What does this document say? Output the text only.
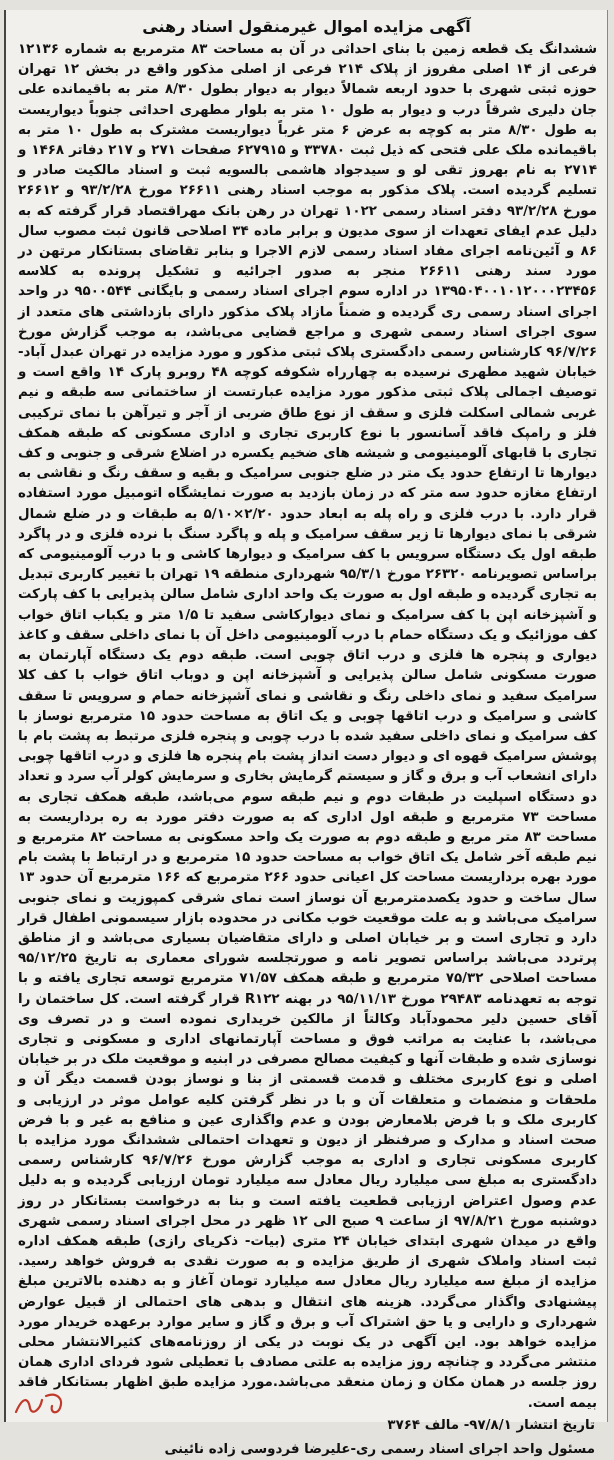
آگهی مزایده اموال غیرمنقول اسناد رهنی

ششدانگ یک قطعه زمین با بنای احداثی در آن به مساحت ۸۳ مترمربع به شماره ۱۲۱۳۶ فرعی از ۱۴ اصلی مفروز از پلاک ۲۱۴ فرعی از اصلی مذکور واقع در بخش ۱۲ تهران حوزه ثبتی شهری با حدود اربعه شمالاً دیوار به دیوار بطول ۸/۳۰ متر به باقیمانده علی جان دلیری شرقاً درب و دیوار به طول ۱۰ متر به بلوار مطهری احداثی جنوباً دیواریست به طول ۸/۳۰ متر به کوچه به عرض ۶ متر غرباً دیواریست مشترک به طول ۱۰ متر به باقیمانده ملک علی فتحی که ذیل ثبت ۳۳۷۸۰ و ۶۲۷۹۱۵ صفحات ۲۷۱ و ۲۱۷ دفاتر ۱۴۶۸ و ۲۷۱۴ به نام بهروز تقی لو و سیدجواد هاشمی بالسویه ثبت و اسناد مالکیت صادر و تسلیم گردیده است. پلاک مذکور به موجب اسناد رهنی ۲۶۶۱۱ مورخ ۹۳/۲/۲۸ و ۲۶۶۱۲ مورخ ۹۳/۲/۲۸ دفتر اسناد رسمی ۱۰۲۲ تهران در رهن بانک مهراقتصاد قرار گرفته که به دلیل عدم ایفای تعهدات از سوی مدیون و برابر ماده ۳۴ اصلاحی قانون ثبت مصوب سال ۸۶ و آئین‌نامه اجرای مفاد اسناد رسمی لازم الاجرا و بنابر تقاضای بستانکار مرتهن در مورد سند رهنی ۲۶۶۱۱ منجر به صدور اجرائیه و تشکیل پرونده به کلاسه ۱۳۹۵۰۴۰۰۱۰۱۲۰۰۰۲۳۴۵۶ در اداره سوم اجرای اسناد رسمی و بایگانی ۹۵۰۰۵۴۴ در واحد اجرای اسناد رسمی ری گردیده و ضمناً مازاد پلاک مذکور دارای بازداشتی های متعدد از سوی اجرای اسناد رسمی شهری و مراجع قضایی می‌باشد، به موجب گزارش مورخ ۹۶/۷/۲۶ کارشناس رسمی دادگستری پلاک ثبتی مذکور و مورد مزایده در تهران عبدل آباد-خیابان شهید مطهری نرسیده به چهارراه شکوفه کوچه ۴۸ روبرو پارک ۱۴ واقع است و توصیف اجمالی پلاک ثبتی مذکور مورد مزایده عبارتست از ساختمانی سه طبقه و نیم غربی شمالی اسکلت فلزی و سقف از نوع طاق ضربی از آجر و تیرآهن با نمای ترکیبی فلز و رامپک فاقد آسانسور با نوع کاربری تجاری و اداری مسکونی که طبقه همکف تجاری با قابهای آلومینیومی و شیشه های ضخیم یکسره در اضلاع شرقی و جنوبی و کف دیوارها تا ارتفاع حدود یک متر در ضلع جنوبی سرامیک و بقیه و سقف رنگ و نقاشی به ارتفاع مغازه حدود سه متر که در زمان بازدید به صورت نمایشگاه اتومبیل مورد استفاده قرار دارد. با درب فلزی و راه پله به ابعاد حدود ۲/۲۰×۵/۱۰ به طبقات و در ضلع شمال شرقی با نمای دیوارها تا زیر سقف سرامیک و پله و پاگرد سنگ با نرده فلزی و در پاگرد طبقه اول یک دستگاه سرویس با کف سرامیک و دیوارها کاشی و با درب آلومینیومی که براساس تصویرنامه ۲۶۳۲۰ مورخ ۹۵/۳/۱ شهرداری منطقه ۱۹ تهران با تغییر کاربری تبدیل به تجاری گردیده و طبقه اول به صورت یک واحد اداری شامل سالن پذیرایی با کف پارکت و آشپزخانه اپن با کف سرامیک و نمای دیوارکاشی سفید تا ۱/۵ متر و یکباب اتاق خواب کف موزائیک و یک دستگاه حمام با درب آلومینیومی داخل آن با نمای داخلی سقف و کاغذ دیواری و پنجره ها فلزی و درب اتاق چوبی است. طبقه دوم یک دستگاه آپارتمان به صورت مسکونی شامل سالن پذیرایی و آشپزخانه اپن و دوباب اتاق خواب با کف کلا سرامیک سفید و نمای داخلی رنگ و نقاشی و نمای آشپزخانه حمام و سرویس تا سقف کاشی و سرامیک و درب اتاقها چوبی و یک اتاق به مساحت حدود ۱۵ مترمربع نوساز با کف سرامیک و نمای داخلی سفید شده با درب چوبی و پنجره فلزی مرتبط به پشت بام با پوشش سرامیک قهوه ای و دیوار دست انداز پشت بام پنجره ها فلزی و درب اتاقها چوبی دارای انشعاب آب و برق و گاز و سیستم گرمایش بخاری و سرمایش کولر آب سرد و تعداد دو دستگاه اسپلیت در طبقات دوم و نیم طبقه سوم می‌باشد، طبقه همکف تجاری به مساحت ۷۳ مترمربع و طبقه اول اداری که به صورت دفتر مورد به ره برداریست به مساحت ۸۳ متر مربع و طبقه دوم به صورت یک واحد مسکونی به مساحت ۸۲ مترمربع و نیم طبقه آخر شامل یک اتاق خواب به مساحت حدود ۱۵ مترمربع و در ارتباط با پشت بام مورد بهره برداریست مساحت کل اعیانی حدود ۲۶۶ مترمربع که ۱۶۶ مترمربع آن حدود ۱۳ سال ساخت و حدود یکصدمترمربع آن نوساز است نمای شرقی کمپوزیت و نمای جنوبی سرامیک می‌باشد و به علت موقعیت خوب مکانی در محدوده بازار سیسمونی اطفال قرار دارد و تجاری است و بر خیابان اصلی و دارای متقاضیان بسیاری می‌باشد و از مناطق پرتردد می‌باشد براساس تصویر نامه و صورتجلسه شورای معماری به تاریخ ۹۵/۱۲/۲۵ مساحت اصلاحی ۷۵/۳۲ مترمربع و طبقه همکف ۷۱/۵۷ مترمربع توسعه تجاری یافته و با توجه به تعهدنامه ۲۹۴۸۳ مورخ ۹۵/۱۱/۱۳ در بهنه R۱۲۲ قرار گرفته است. کل ساختمان را آقای حسین دلیر محمودآباد وکالتاً از مالکین خریداری نموده است و در تصرف وی می‌باشد، با عنایت به مراتب فوق و مساحت آپارتمانهای اداری و مسکونی و تجاری نوسازی شده و طبقات آنها و کیفیت مصالح مصرفی در ابنیه و موقعیت ملک در بر خیابان اصلی و نوع کاربری مختلف و قدمت قسمتی از بنا و نوساز بودن قسمت دیگر آن و ملحقات و منضمات و متعلقات آن و با در نظر گرفتن کلیه عوامل موثر در ارزیابی و کاربری ملک و با فرض بلامعارض بودن و عدم واگذاری عین و منافع به غیر و با فرض صحت اسناد و مدارک و صرفنظر از دیون و تعهدات احتمالی ششدانگ مورد مزایده با کاربری مسکونی تجاری و اداری به موجب گزارش مورخ ۹۶/۷/۲۶ کارشناس رسمی دادگستری به مبلغ سی میلیارد ریال معادل سه میلیارد تومان ارزیابی گردیده و به دلیل عدم وصول اعتراض ارزیابی قطعیت یافته است و بنا به درخواست بستانکار در روز دوشنبه مورخ ۹۷/۸/۲۱ از ساعت ۹ صبح الی ۱۲ ظهر در محل اجرای اسناد رسمی شهری واقع در میدان شهری ابتدای خیابان ۲۴ متری (بیات- ذکریای رازی) طبقه همکف اداره ثبت اسناد واملاک شهری از طریق مزایده و به صورت نقدی به فروش خواهد رسید. مزایده از مبلغ سه میلیارد ریال معادل سه میلیارد تومان آغاز و به دهنده بالاترین مبلغ پیشنهادی واگذار می‌گردد. هزینه های انتقال و بدهی های احتمالی از قبیل عوارض شهرداری و دارایی و یا حق اشتراک آب و برق و گاز و سایر موارد برعهده خریدار مورد مزایده خواهد بود. این آگهی در یک نوبت در یکی از روزنامه‌های کثیرالانتشار محلی منتشر می‌گردد و چنانچه روز مزایده به علتی مصادف با تعطیلی شود فردای اداری همان روز جلسه در همان مکان و زمان منعقد می‌باشد.مورد مزایده طبق اظهار بستانکار فاقد بیمه است.

تاریخ انتشار ۹۷/۸/۱- مالف ۳۷۶۴
مسئول واحد اجرای اسناد رسمی ری-علیرضا فردوسی زاده نائینی
